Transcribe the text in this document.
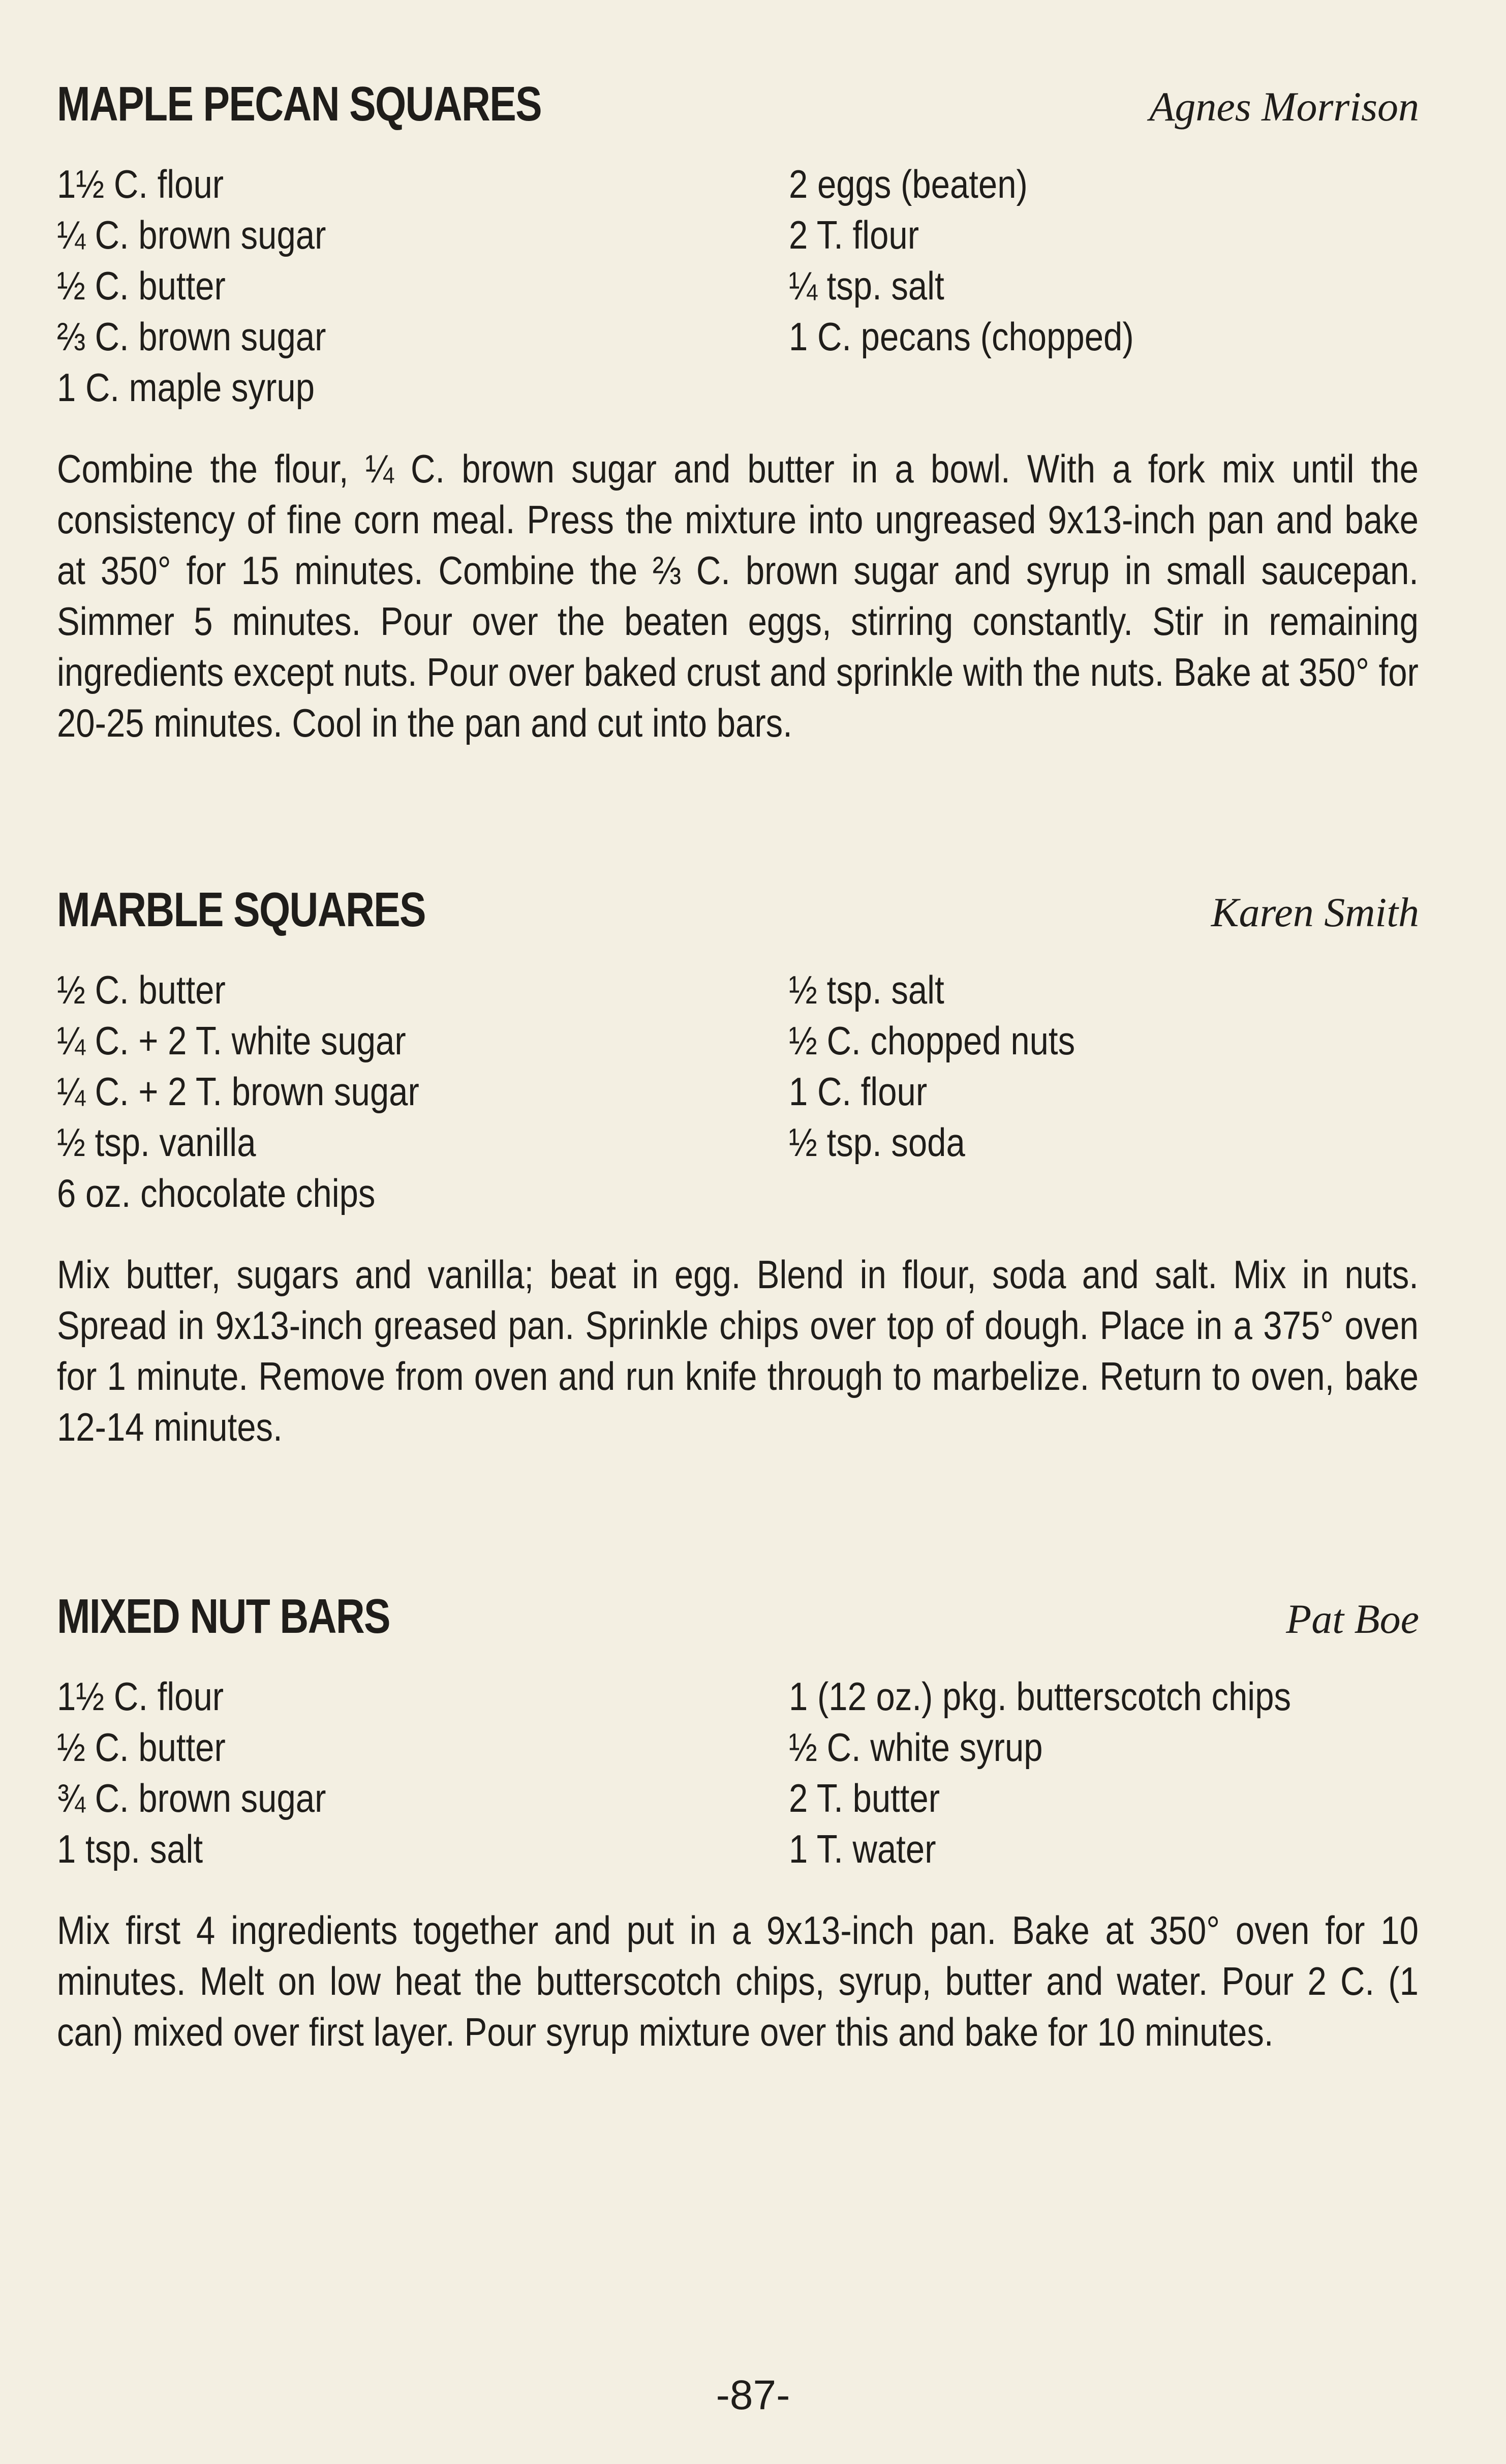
MAPLE PECAN SQUARES	Agnes Morrison
1½ C. flour
¼ C. brown sugar
½ C. butter
⅔ C. brown sugar
1 C. maple syrup
2 eggs (beaten)
2 T. flour
¼ tsp. salt
1 C. pecans (chopped)
Combine the flour, ¼ C. brown sugar and butter in a bowl. With a fork mix until the consistency of fine corn meal. Press the mixture into ungreased 9x13-inch pan and bake at 350° for 15 minutes. Combine the ⅔ C. brown sugar and syrup in small saucepan. Simmer 5 minutes. Pour over the beaten eggs, stirring constantly. Stir in remaining ingredients except nuts. Pour over baked crust and sprinkle with the nuts. Bake at 350° for 20-25 minutes. Cool in the pan and cut into bars.
MARBLE SQUARES	Karen Smith
½ C. butter
¼ C. + 2 T. white sugar
¼ C. + 2 T. brown sugar
½ tsp. vanilla
6 oz. chocolate chips
½ tsp. salt
½ C. chopped nuts
1 C. flour
½ tsp. soda
Mix butter, sugars and vanilla; beat in egg. Blend in flour, soda and salt. Mix in nuts. Spread in 9x13-inch greased pan. Sprinkle chips over top of dough. Place in a 375° oven for 1 minute. Remove from oven and run knife through to marbelize. Return to oven, bake 12-14 minutes.
MIXED NUT BARS	Pat Boe
1½ C. flour
½ C. butter
¾ C. brown sugar
1 tsp. salt
1 (12 oz.) pkg. butterscotch chips
½ C. white syrup
2 T. butter
1 T. water
Mix first 4 ingredients together and put in a 9x13-inch pan. Bake at 350° oven for 10 minutes. Melt on low heat the butterscotch chips, syrup, butter and water. Pour 2 C. (1 can) mixed over first layer. Pour syrup mixture over this and bake for 10 minutes.
-87-
